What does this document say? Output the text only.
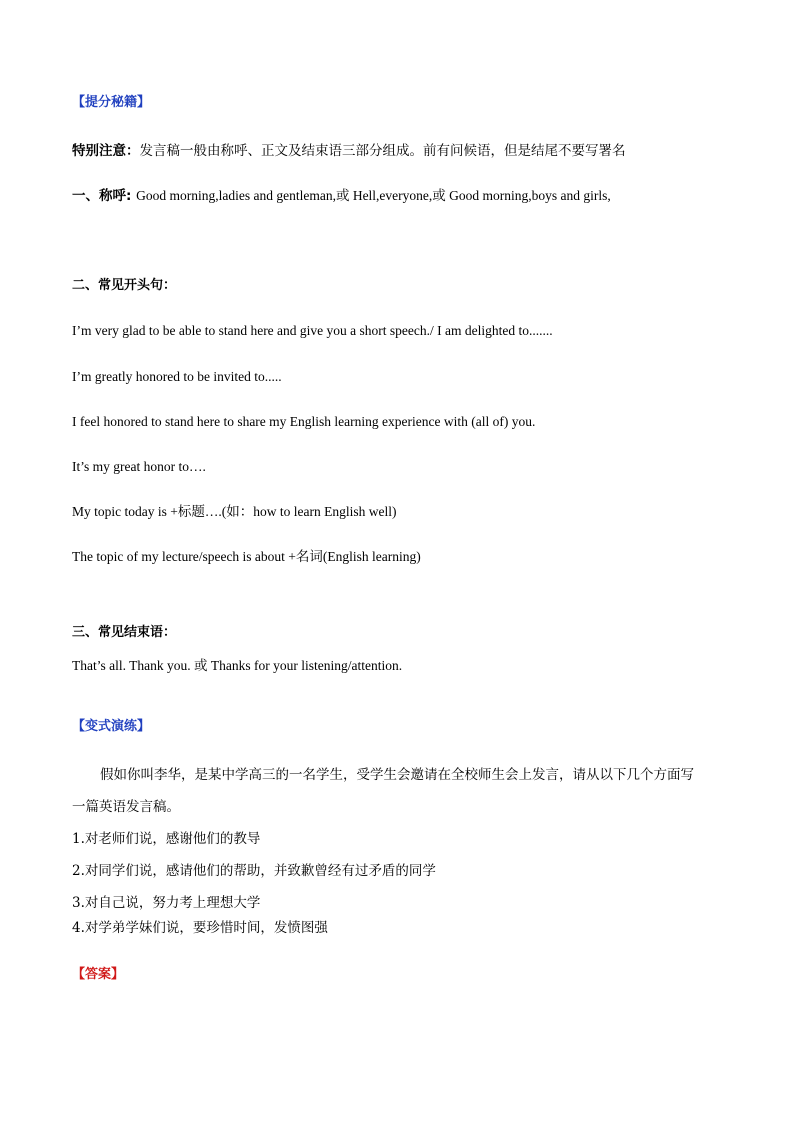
【提分秘籍】
特别注意：发言稿一般由称呼、正文及结束语三部分组成。前有问候语，但是结尾不要写署名
一、称呼: Good morning,ladies and gentleman,或 Hell,everyone,或 Good morning,boys and girls,
二、常见开头句：
I’m very glad to be able to stand here and give you a short speech./ I am delighted to.......
I’m greatly honored to be invited to.....
I feel honored to stand here to share my English learning experience with (all of) you.
It’s my great honor to….
My topic today is +标题….(如：how to learn English well)
The topic of my lecture/speech is about +名词(English learning)
三、常见结束语：
That’s all. Thank you. 或 Thanks for your listening/attention.
【变式演练】
假如你叫李华，是某中学高三的一名学生，受学生会邀请在全校师生会上发言，请从以下几个方面写
一篇英语发言稿。
1.对老师们说，感谢他们的教导
2.对同学们说，感请他们的帮助，并致歉曾经有过矛盾的同学
3.对自己说，努力考上理想大学
4.对学弟学妹们说，要珍惜时间，发愤图强
【答案】
